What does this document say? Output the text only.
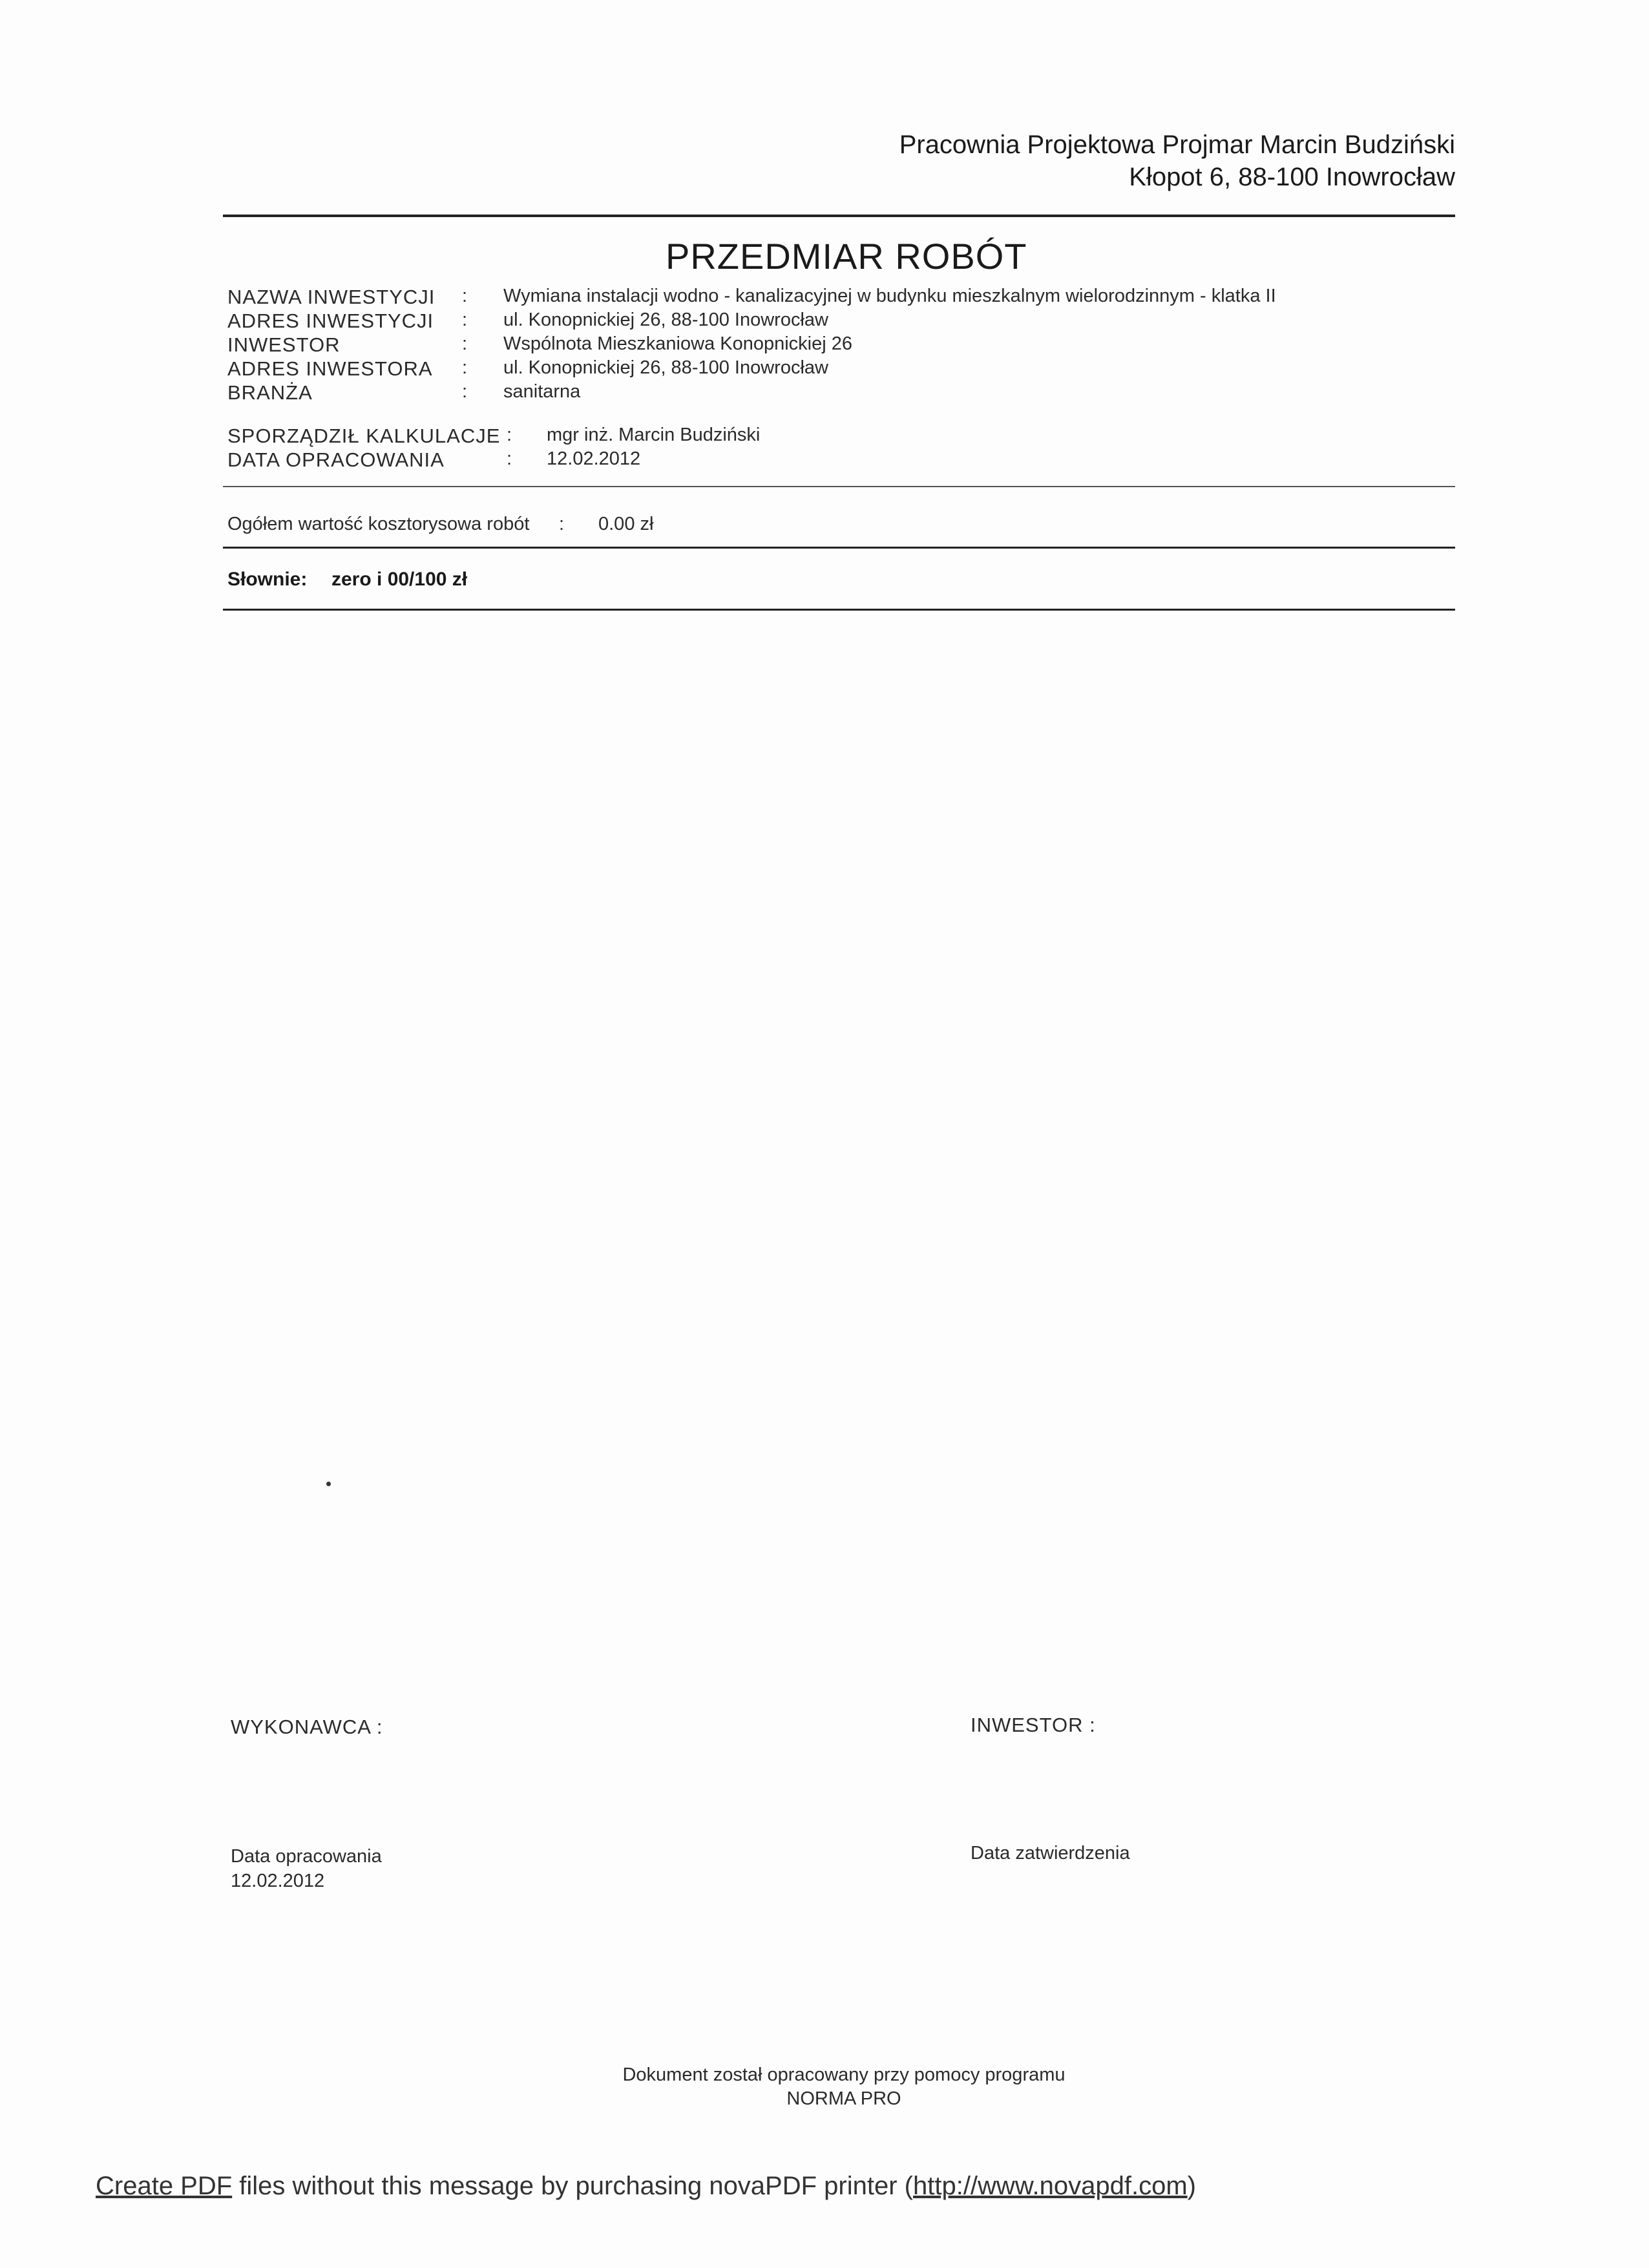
Pracownia Projektowa Projmar Marcin Budziński
Kłopot 6, 88-100 Inowrocław
PRZEDMIAR ROBÓT
NAZWA INWESTYCJI : Wymiana instalacji wodno - kanalizacyjnej w budynku mieszkalnym wielorodzinnym - klatka II
ADRES INWESTYCJI : ul. Konopnickiej 26, 88-100 Inowrocław
INWESTOR	: Wspólnota Mieszkaniowa Konopnickiej 26
ADRES INWESTORA : ul. Konopnickiej 26, 88-100 Inowrocław
BRANŻA	: sanitarna
SPORZĄDZIŁ KALKULACJE : mgr inż. Marcin Budziński
DATA OPRACOWANIA	: 12.02.2012
Ogółem wartość kosztorysowa robót : 0.00 zł
Słownie: zero i 00/100 zł
WYKONAWCA :	INWESTOR :
Data opracowania
12.02.2012
Data zatwierdzenia
Dokument został opracowany przy pomocy programu
NORMA PRO
Create PDF files without this message by purchasing novaPDF printer (http://www.novapdf.com)
